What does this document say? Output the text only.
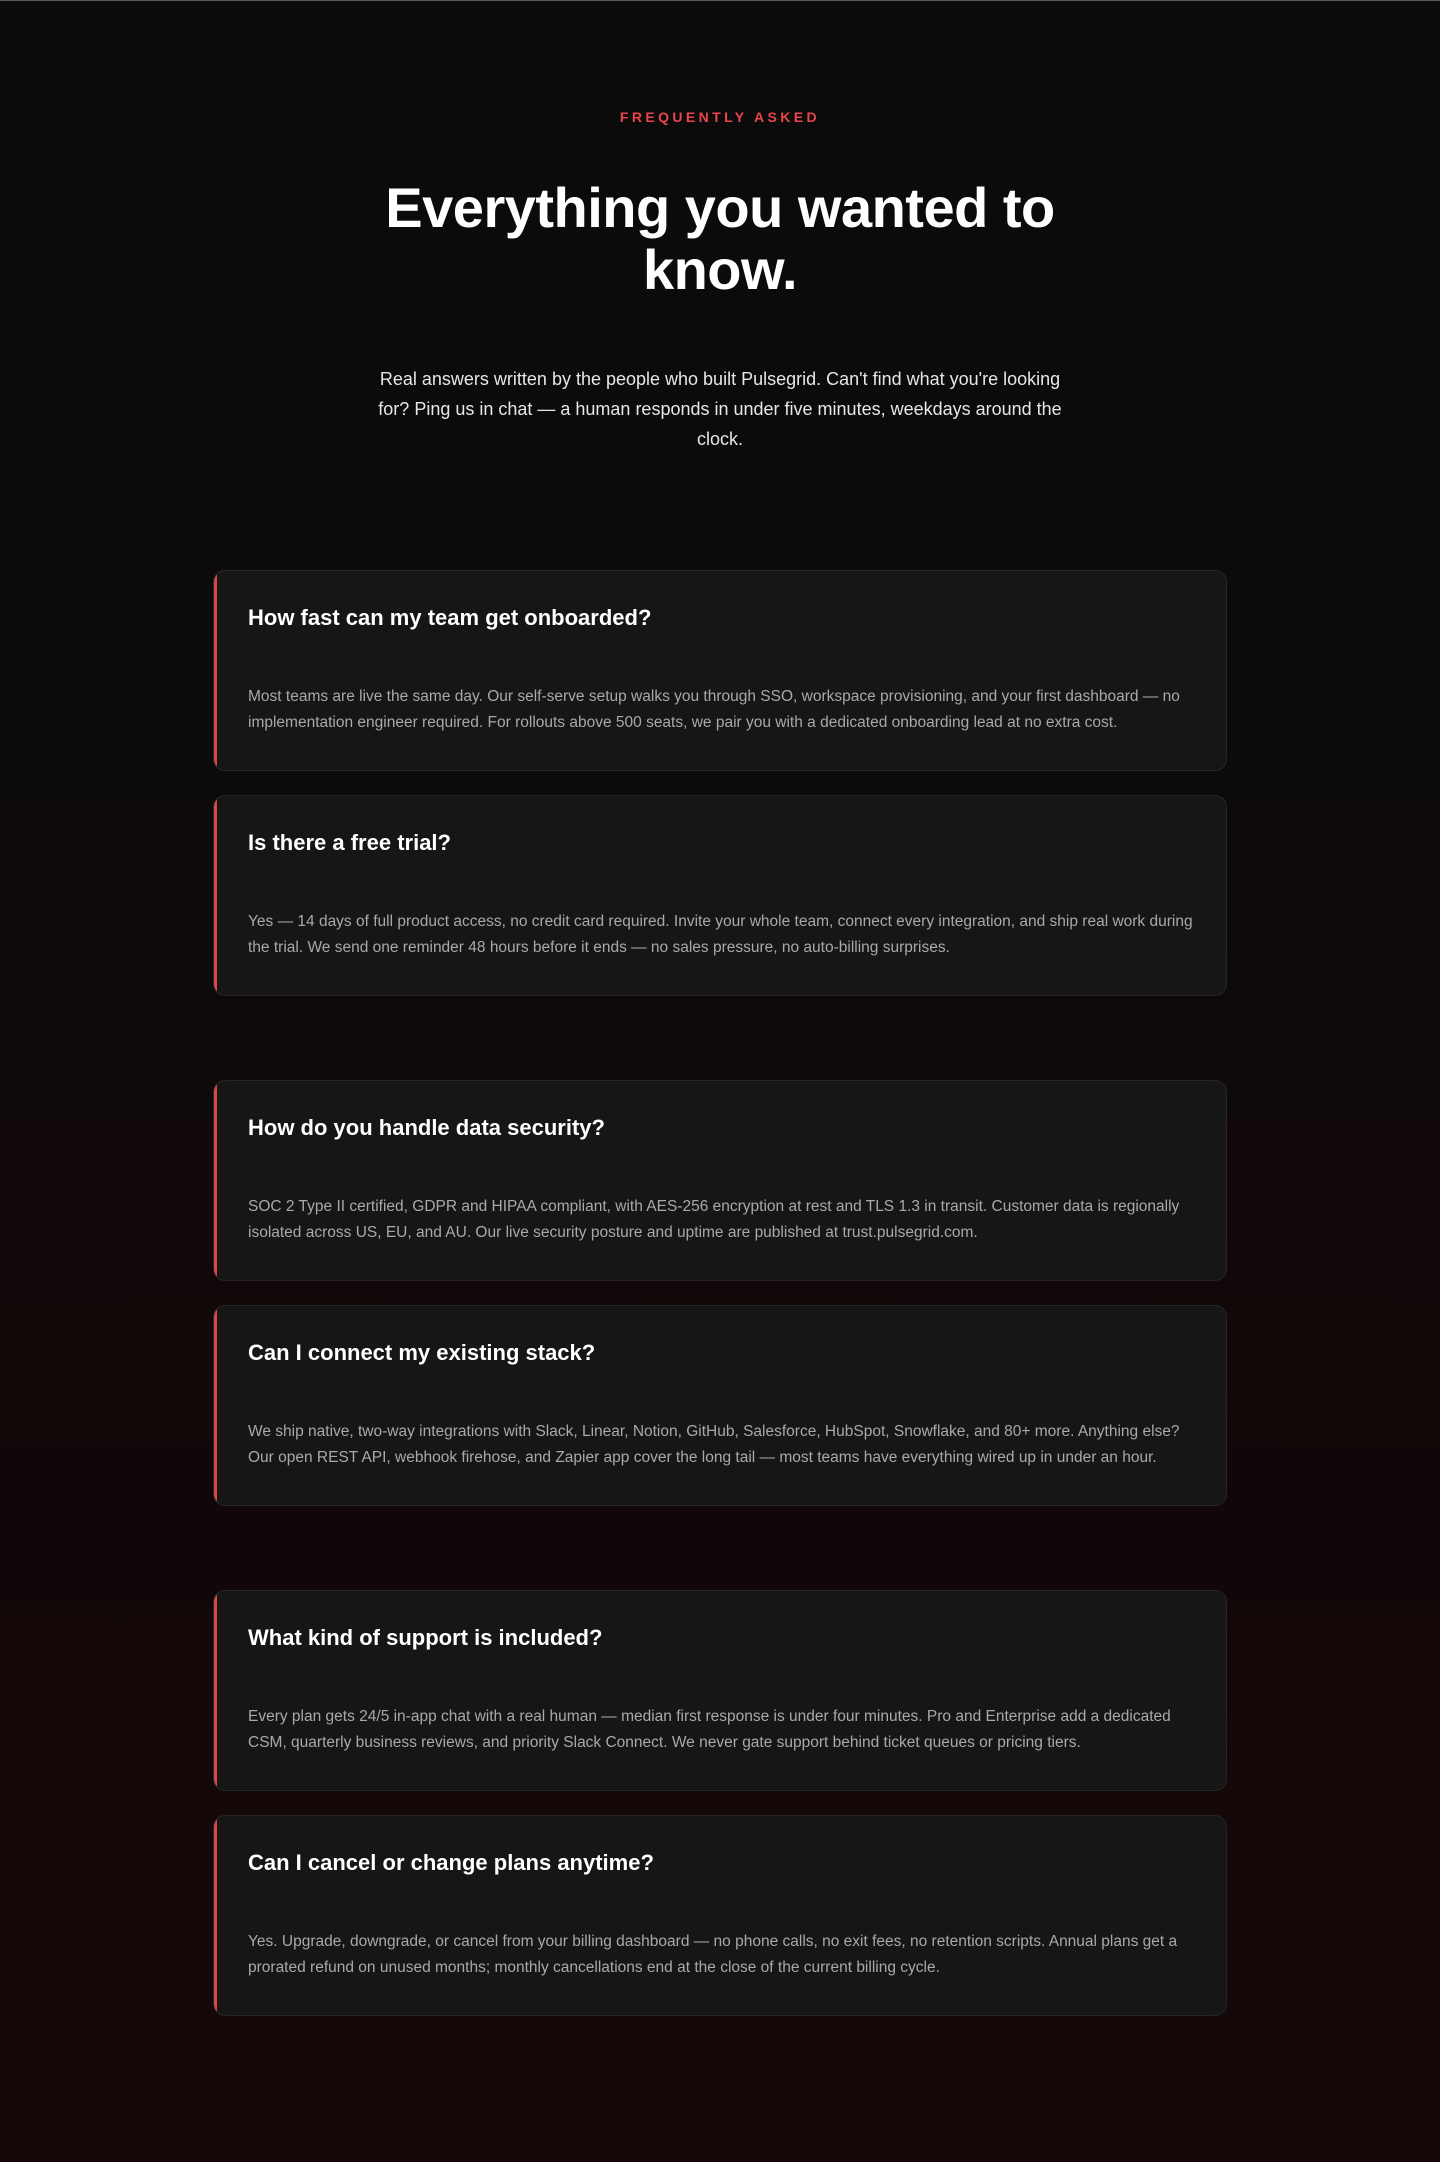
FREQUENTLY ASKED
Everything you wanted to know.

Real answers written by the people who built Pulsegrid. Can't find what you're looking for? Ping us in chat — a human responds in under five minutes, weekdays around the clock.

How fast can my team get onboarded?

Most teams are live the same day. Our self-serve setup walks you through SSO, workspace provisioning, and your first dashboard — no implementation engineer required. For rollouts above 500 seats, we pair you with a dedicated onboarding lead at no extra cost.

Is there a free trial?

Yes — 14 days of full product access, no credit card required. Invite your whole team, connect every integration, and ship real work during the trial. We send one reminder 48 hours before it ends — no sales pressure, no auto-billing surprises.

How do you handle data security?

SOC 2 Type II certified, GDPR and HIPAA compliant, with AES-256 encryption at rest and TLS 1.3 in transit. Customer data is regionally isolated across US, EU, and AU. Our live security posture and uptime are published at trust.pulsegrid.com.

Can I connect my existing stack?

We ship native, two-way integrations with Slack, Linear, Notion, GitHub, Salesforce, HubSpot, Snowflake, and 80+ more. Anything else? Our open REST API, webhook firehose, and Zapier app cover the long tail — most teams have everything wired up in under an hour.

What kind of support is included?

Every plan gets 24/5 in-app chat with a real human — median first response is under four minutes. Pro and Enterprise add a dedicated CSM, quarterly business reviews, and priority Slack Connect. We never gate support behind ticket queues or pricing tiers.

Can I cancel or change plans anytime?

Yes. Upgrade, downgrade, or cancel from your billing dashboard — no phone calls, no exit fees, no retention scripts. Annual plans get a prorated refund on unused months; monthly cancellations end at the close of the current billing cycle.
